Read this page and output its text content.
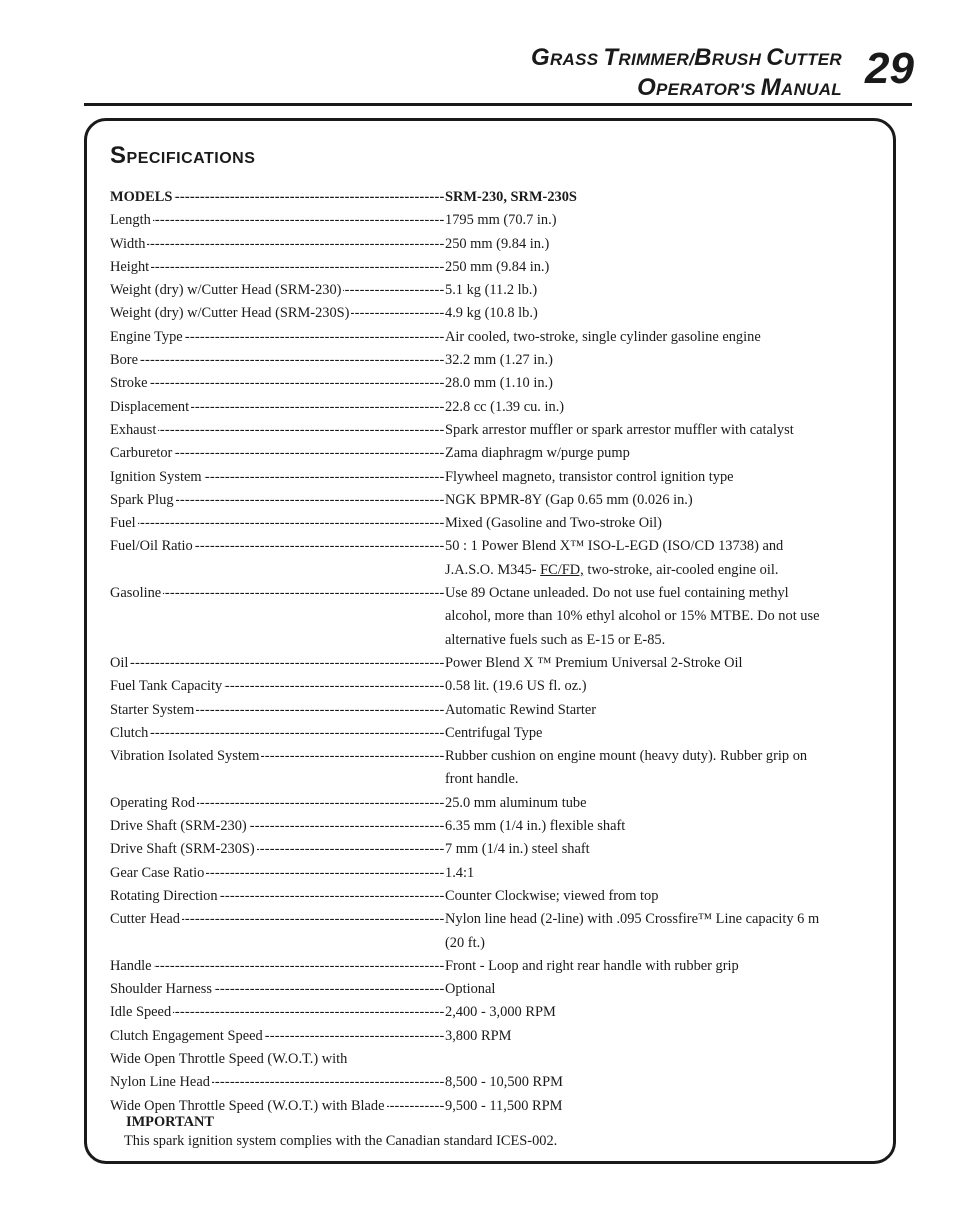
GRASS TRIMMER/BRUSH CUTTER
OPERATOR'S MANUAL 29
SPECIFICATIONS
MODELS -----	SRM-230, SRM-230S
Length -----	1795 mm (70.7 in.)
Width -----	250 mm (9.84 in.)
Height -----	250 mm (9.84 in.)
Weight (dry) w/Cutter Head (SRM-230) -----	5.1 kg (11.2 lb.)
Weight (dry) w/Cutter Head (SRM-230S) -----	4.9 kg (10.8 lb.)
Engine Type -----	Air cooled, two-stroke, single cylinder gasoline engine
Bore -----	32.2 mm (1.27 in.)
Stroke -----	28.0 mm (1.10 in.)
Displacement -----	22.8 cc (1.39 cu. in.)
Exhaust -----	Spark arrestor muffler or spark arrestor muffler with catalyst
Carburetor -----	Zama diaphragm w/purge pump
Ignition System -----	Flywheel magneto, transistor control ignition type
Spark Plug -----	NGK BPMR-8Y (Gap 0.65 mm (0.026 in.)
Fuel -----	Mixed (Gasoline and Two-stroke Oil)
Fuel/Oil Ratio -----	50 : 1 Power Blend X™ ISO-L-EGD (ISO/CD 13738) and
J.A.S.O. M345- FC/FD, two-stroke, air-cooled engine oil.
Gasoline -----	Use 89 Octane unleaded. Do not use fuel containing methyl
alcohol, more than 10% ethyl alcohol or 15% MTBE. Do not use
alternative fuels such as E-15 or E-85.
Oil -----	Power Blend X ™ Premium Universal 2-Stroke Oil
Fuel Tank Capacity -----	0.58 lit. (19.6 US fl. oz.)
Starter System -----	Automatic Rewind Starter
Clutch -----	Centrifugal Type
Vibration Isolated System -----	Rubber cushion on engine mount (heavy duty). Rubber grip on
front handle.
Operating Rod -----	25.0 mm aluminum tube
Drive Shaft (SRM-230) -----	6.35 mm (1/4 in.) flexible shaft
Drive Shaft (SRM-230S) -----	7 mm (1/4 in.) steel shaft
Gear Case Ratio -----	1.4:1
Rotating Direction -----	Counter Clockwise; viewed from top
Cutter Head -----	Nylon line head (2-line) with .095 Crossfire™ Line capacity 6 m
(20 ft.)
Handle -----	Front - Loop and right rear handle with rubber grip
Shoulder Harness -----	Optional
Idle Speed -----	2,400 - 3,000 RPM
Clutch Engagement Speed -----	3,800 RPM
Wide Open Throttle Speed (W.O.T.) with
Nylon Line Head -----	8,500 - 10,500 RPM
Wide Open Throttle Speed (W.O.T.) with Blade -----	9,500 - 11,500 RPM
IMPORTANT
This spark ignition system complies with the Canadian standard ICES-002.
